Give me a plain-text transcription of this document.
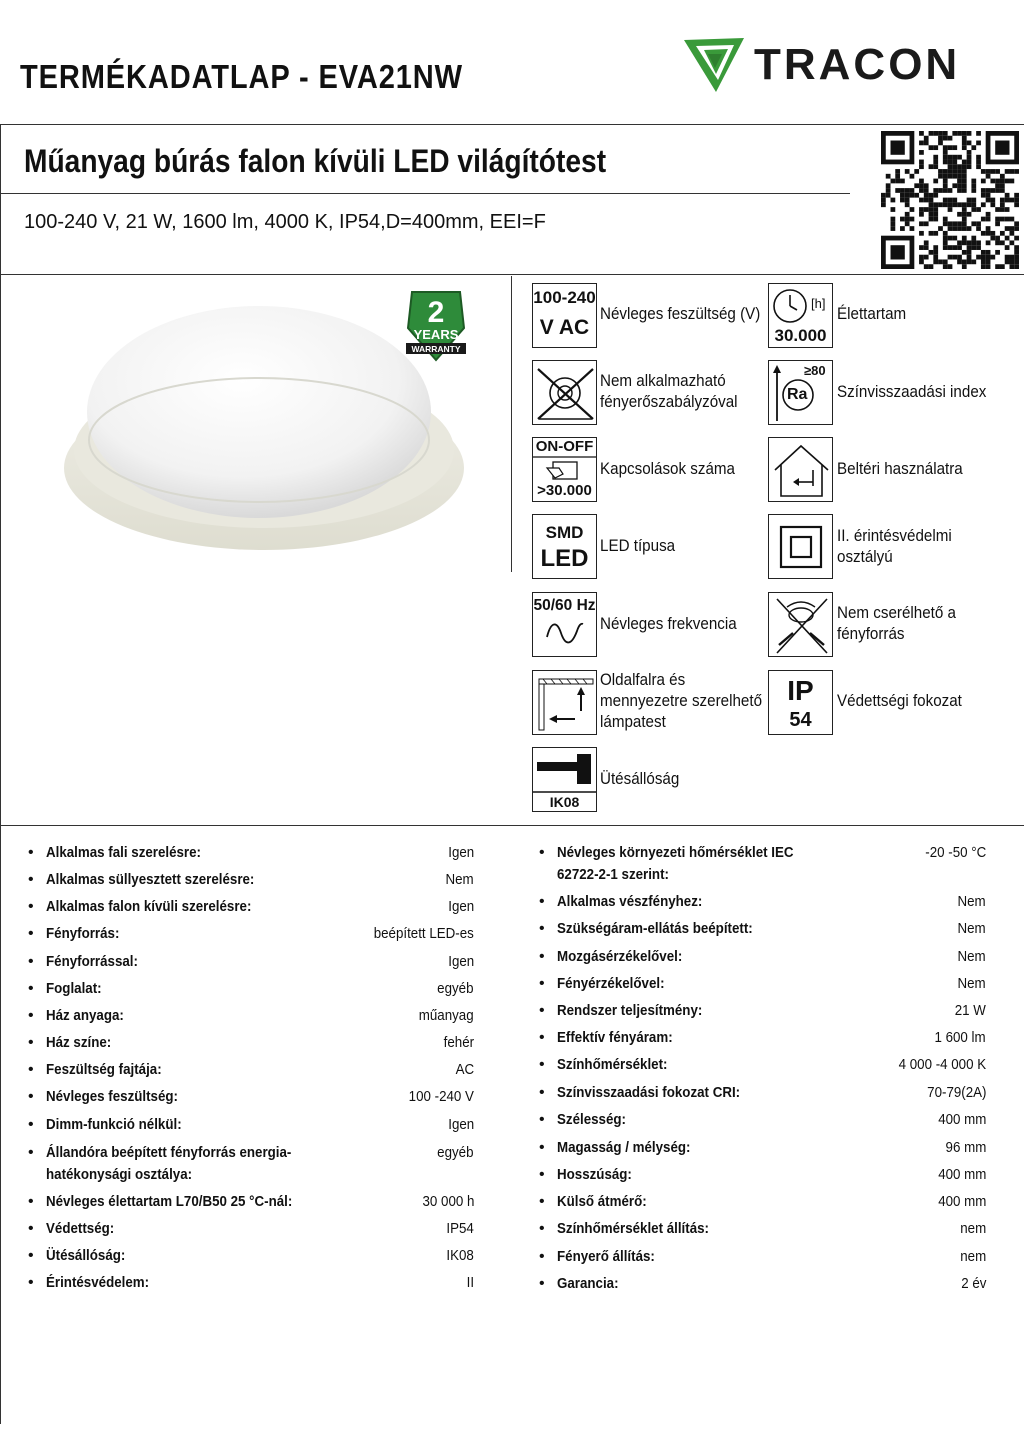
TERMÉKADATLAP - EVA21NW	TRACON
Műanyag búrás falon kívüli LED világítótest
100-240 V, 21 W, 1600 lm, 4000 K, IP54,D=400mm, EEI=F
2
YEARS
WARRANTY
100-240
V AC
Névleges feszültség (V)
[h]
30.000
Élettartam
Nem alkalmazható
fényerőszabályzóval
≥80
Ra Színvisszaadási index
ON-OFF
>30.000
Kapcsolások száma	Beltéri használatra
SMD
LED LED típusa
II. érintésvédelmi
osztályú
50/60 Hz
Névleges frekvencia
Nem cserélhető a
fényforrás
Oldalfalra és
mennyezetre szerelhető
lámpatest
IP
54
Védettségi fokozat
IK08
Ütésállóság
• Alkalmas fali szerelésre:	Igen
• Alkalmas süllyesztett szerelésre:	Nem
• Alkalmas falon kívüli szerelésre:	Igen
• Fényforrás:	beépített LED-es
• Fényforrással:	Igen
• Foglalat:	egyéb
• Ház anyaga:	műanyag
• Ház színe:	fehér
• Feszültség fajtája:	AC
• Névleges feszültség:	100 -240 V
• Dimm-funkció nélkül:	Igen
• Állandóra beépített fényforrás energia-
hatékonysági osztálya:
egyéb
• Névleges élettartam L70/B50 25 °C-nál:	30 000 h
• Védettség:	IP54
• Ütésállóság:	IK08
• Érintésvédelem:	II
• Névleges környezeti hőmérséklet IEC
62722-2-1 szerint:
-20 -50 °C
• Alkalmas vészfényhez:	Nem
• Szükségáram-ellátás beépített:	Nem
• Mozgásérzékelővel:	Nem
• Fényérzékelővel:	Nem
• Rendszer teljesítmény:	21 W
• Effektív fényáram:	1 600 lm
• Színhőmérséklet:	4 000 -4 000 K
• Színvisszaadási fokozat CRI:	70-79(2A)
• Szélesség:	400 mm
• Magasság / mélység:	96 mm
• Hosszúság:	400 mm
• Külső átmérő:	400 mm
• Színhőmérséklet állítás:	nem
• Fényerő állítás:	nem
• Garancia:	2 év
